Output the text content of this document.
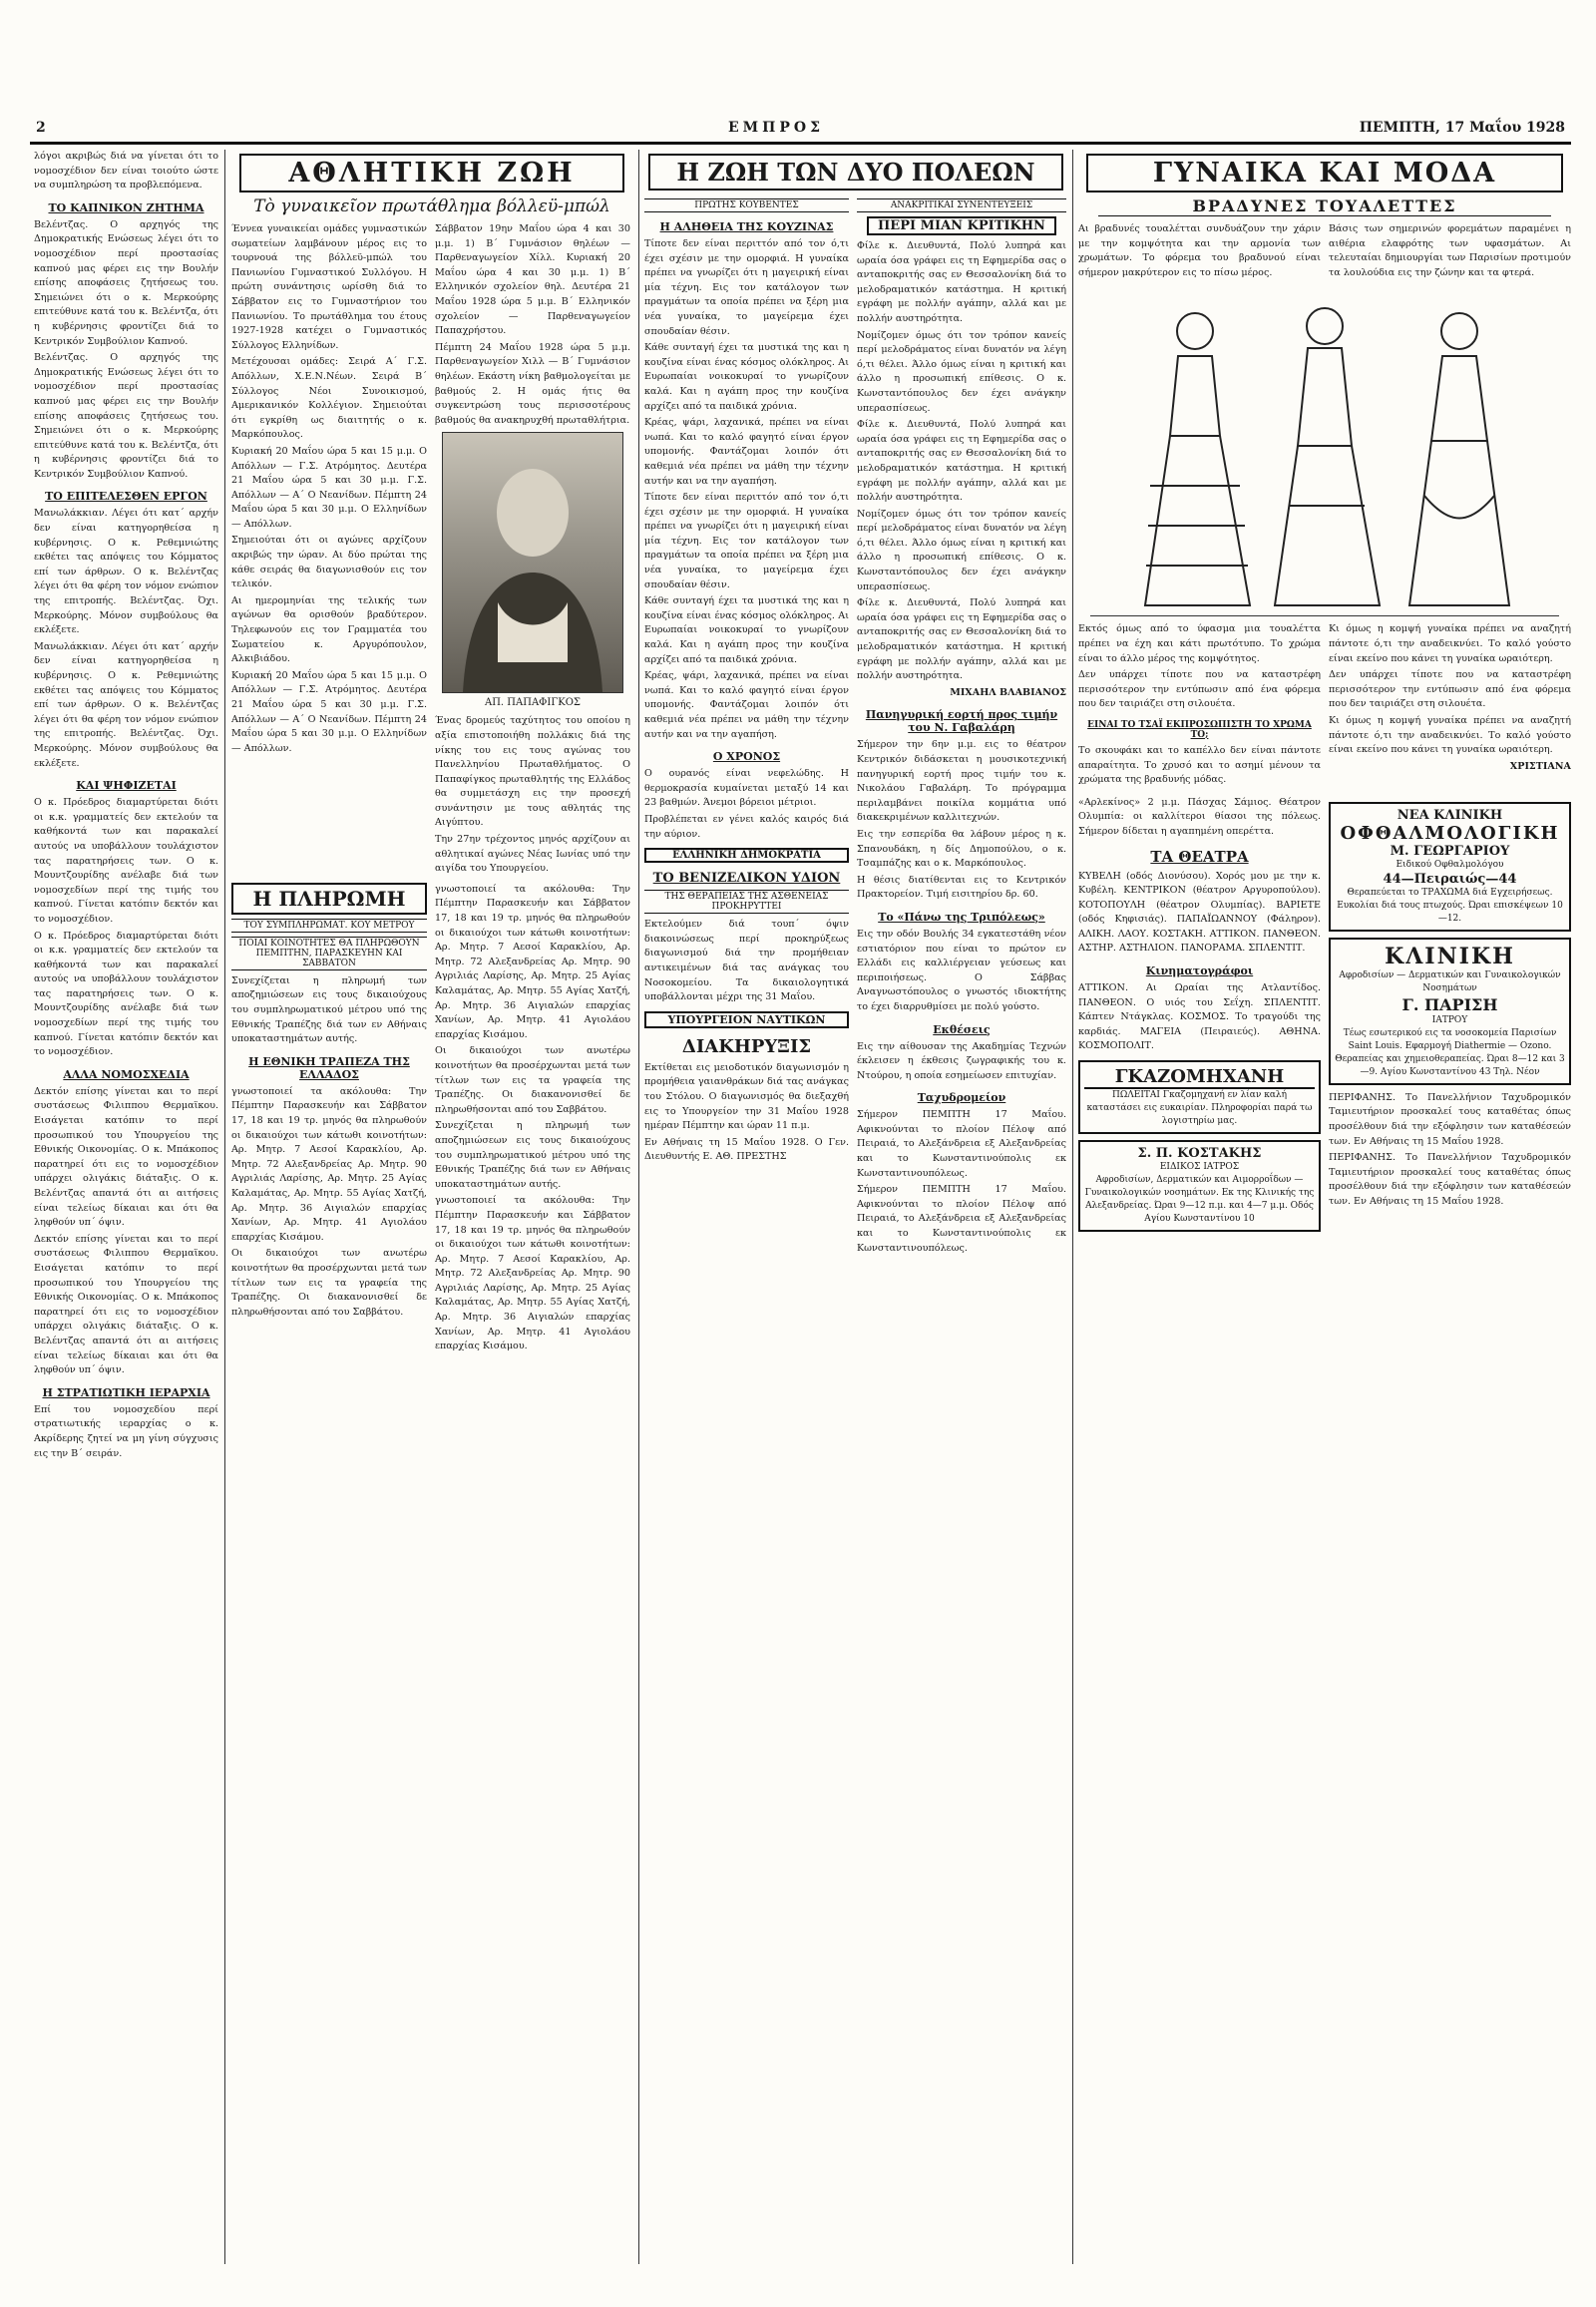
2	ΕΜΠΡΟΣ	ΠΕΜΠΤΗ, 17 Μαΐου 1928

λόγοι ακριβώς διά να γίνεται ότι το νομοσχέδιον δεν είναι τοιούτο ώστε να συμπληρώση τα προβλεπόμενα.

ΤΟ ΚΑΠΝΙΚΟΝ ΖΗΤΗΜΑ

Βελέντζας. Ο αρχηγός της Δημοκρατικής Ενώσεως λέγει ότι το νομοσχέδιον περί προστασίας καπνού μας φέρει εις την Βουλήν επίσης αποφάσεις ζητήσεως του. Σημειώνει ότι ο κ. Μερκούρης επιτεύθυνε κατά του κ. Βελέντζα, ότι η κυβέρνησις φροντίζει διά το Κεντρικόν Συμβούλιον Καπνού.

Βελέντζας. Ο αρχηγός της Δημοκρατικής Ενώσεως λέγει ότι το νομοσχέδιον περί προστασίας καπνού μας φέρει εις την Βουλήν επίσης αποφάσεις ζητήσεως του. Σημειώνει ότι ο κ. Μερκούρης επιτεύθυνε κατά του κ. Βελέντζα, ότι η κυβέρνησις φροντίζει διά το Κεντρικόν Συμβούλιον Καπνού.

ΤΟ ΕΠΙΤΕΛΕΣΘΕΝ ΕΡΓΟΝ

Μανωλάκκιαν. Λέγει ότι κατ΄ αρχήν δεν είναι κατηγορηθείσα η κυβέρνησις. Ο κ. Ρεθεμνιώτης εκθέτει τας απόψεις του Κόμματος επί των άρθρων. Ο κ. Βελέντζας λέγει ότι θα φέρη τον νόμον ενώπιον της επιτροπής. Βελέντζας. Όχι. Μερκούρης. Μόνον συμβούλους θα εκλέξετε.

Μανωλάκκιαν. Λέγει ότι κατ΄ αρχήν δεν είναι κατηγορηθείσα η κυβέρνησις. Ο κ. Ρεθεμνιώτης εκθέτει τας απόψεις του Κόμματος επί των άρθρων. Ο κ. Βελέντζας λέγει ότι θα φέρη τον νόμον ενώπιον της επιτροπής. Βελέντζας. Όχι. Μερκούρης. Μόνον συμβούλους θα εκλέξετε.

ΚΑΙ ΨΗΦΙΖΕΤΑΙ

Ο κ. Πρόεδρος διαμαρτύρεται διότι οι κ.κ. γραμματείς δεν εκτελούν τα καθήκοντά των και παρακαλεί αυτούς να υποβάλλουν τουλάχιστον τας παρατηρήσεις των. Ο κ. Μουντζουρίδης ανέλαβε διά των νομοσχεδίων περί της τιμής του καπνού. Γίνεται κατόπιν δεκτόν και το νομοσχέδιον.

Ο κ. Πρόεδρος διαμαρτύρεται διότι οι κ.κ. γραμματείς δεν εκτελούν τα καθήκοντά των και παρακαλεί αυτούς να υποβάλλουν τουλάχιστον τας παρατηρήσεις των. Ο κ. Μουντζουρίδης ανέλαβε διά των νομοσχεδίων περί της τιμής του καπνού. Γίνεται κατόπιν δεκτόν και το νομοσχέδιον.

ΑΛΛΑ ΝΟΜΟΣΧΕΔΙΑ

Δεκτόν επίσης γίνεται και το περί συστάσεως Φιλιππου Θερμαϊκου. Εισάγεται κατόπιν το περί προσωπικού του Υπουργείου της Εθνικής Οικονομίας. Ο κ. Μπάκοπος παρατηρεί ότι εις το νομοσχέδιον υπάρχει ολιγάκις διάταξις. Ο κ. Βελέντζας απαντά ότι αι αιτήσεις είναι τελείως δίκαιαι και ότι θα ληφθούν υπ΄ όψιν.

Δεκτόν επίσης γίνεται και το περί συστάσεως Φιλιππου Θερμαϊκου. Εισάγεται κατόπιν το περί προσωπικού του Υπουργείου της Εθνικής Οικονομίας. Ο κ. Μπάκοπος παρατηρεί ότι εις το νομοσχέδιον υπάρχει ολιγάκις διάταξις. Ο κ. Βελέντζας απαντά ότι αι αιτήσεις είναι τελείως δίκαιαι και ότι θα ληφθούν υπ΄ όψιν.

Η ΣΤΡΑΤΙΩΤΙΚΗ ΙΕΡΑΡΧΙΑ

Επί του νομοσχεδίου περί στρατιωτικής ιεραρχίας ο κ. Ακρίδερης ζητεί να μη γίνη σύγχυσις εις την Β΄ σειράν.

ΑΘΛΗΤΙΚΗ ΖΩΗ
Τὸ γυναικεῖον πρωτάθλημα βόλλεϋ-μπώλ

Έννεα γυναικείαι ομάδες γυμναστικών σωματείων λαμβάνουν μέρος εις το τουρνουά της βόλλεϋ-μπώλ του Πανιωνίου Γυμναστικού Συλλόγου. Η πρώτη συνάντησις ωρίσθη διά το Σάββατον εις το Γυμναστήριον του Πανιωνίου. Το πρωτάθλημα του έτους 1927-1928 κατέχει ο Γυμναστικός Σύλλογος Ελληνίδων.

Μετέχουσαι ομάδες: Σειρά Α΄ Γ.Σ. Απόλλων, Χ.Ε.Ν.Νέων. Σειρά Β΄ Σύλλογος Νέοι Συνοικισμού, Αμερικανικόν Κολλέγιον. Σημειούται ότι εγκρίθη ως διαιτητής ο κ. Μαρκόπουλος.

Κυριακή 20 Μαΐου ώρα 5 και 15 μ.μ. Ο Απόλλων — Γ.Σ. Ατρόμητος. Δευτέρα 21 Μαΐου ώρα 5 και 30 μ.μ. Γ.Σ. Απόλλων — Α΄ Ο Νεανίδων. Πέμπτη 24 Μαΐου ώρα 5 και 30 μ.μ. Ο Ελληνίδων — Απόλλων.

Σημειούται ότι οι αγώνες αρχίζουν ακριβώς την ώραν. Αι δύο πρώται της κάθε σειράς θα διαγωνισθούν εις τον τελικόν.

Αι ημερομηνίαι της τελικής των αγώνων θα ορισθούν βραδύτερον. Τηλεφωνούν εις τον Γραμματέα του Σωματείου κ. Αργυρόπουλον, Αλκιβιάδου.

Κυριακή 20 Μαΐου ώρα 5 και 15 μ.μ. Ο Απόλλων — Γ.Σ. Ατρόμητος. Δευτέρα 21 Μαΐου ώρα 5 και 30 μ.μ. Γ.Σ. Απόλλων — Α΄ Ο Νεανίδων. Πέμπτη 24 Μαΐου ώρα 5 και 30 μ.μ. Ο Ελληνίδων — Απόλλων.

Σάββατον 19ην Μαΐου ώρα 4 και 30 μ.μ. 1) Β΄ Γυμνάσιον θηλέων — Παρθεναγωγείον Χίλλ. Κυριακή 20 Μαΐου ώρα 4 και 30 μ.μ. 1) Β΄ Ελληνικόν σχολείον θηλ. Δευτέρα 21 Μαΐου 1928 ώρα 5 μ.μ. Β΄ Ελληνικόν σχολείον — Παρθεναγωγείον Παπαχρήστου.

Πέμπτη 24 Μαΐου 1928 ώρα 5 μ.μ. Παρθεναγωγείον Χιλλ — Β΄ Γυμνάσιον θηλέων. Εκάστη νίκη βαθμολογείται με βαθμούς 2. Η ομάς ήτις θα συγκεντρώση τους περισσοτέρους βαθμούς θα ανακηρυχθή πρωταθλήτρια.

ΑΠ. ΠΑΠΑΦΙΓΚΟΣ

Ένας δρομεύς ταχύτητος του οποίου η αξία επιστοποιήθη πολλάκις διά της νίκης του εις τους αγώνας του Πανελληνίου Πρωταθλήματος. Ο Παπαφίγκος πρωταθλητής της Ελλάδος θα συμμετάσχη εις την προσεχή συνάντησιν με τους αθλητάς της Αιγύπτου.

Την 27ην τρέχοντος μηνός αρχίζουν αι αθλητικαί αγώνες Νέας Ιωνίας υπό την αιγίδα του Υπουργείου.

Η ΠΛΗΡΩΜΗ
ΤΟΥ ΣΥΜΠΛΗΡΩΜΑΤ. ΚΟΥ ΜΕΤΡΟΥ
ΠΟΙΑΙ ΚΟΙΝΟΤΗΤΕΣ ΘΑ ΠΛΗΡΩΘΟΥΝ ΠΕΜΠΤΗΝ, ΠΑΡΑΣΚΕΥΗΝ ΚΑΙ ΣΑΒΒΑΤΟΝ

Συνεχίζεται η πληρωμή των αποζημιώσεων εις τους δικαιούχους του συμπληρωματικού μέτρου υπό της Εθνικής Τραπέζης διά των εν Αθήναις υποκαταστημάτων αυτής.

Η ΕΘΝΙΚΗ ΤΡΑΠΕΖΑ ΤΗΣ ΕΛΛΑΔΟΣ

γνωστοποιεί τα ακόλουθα: Την Πέμπτην Παρασκευήν και Σάββατον 17, 18 και 19 τρ. μηνός θα πληρωθούν οι δικαιούχοι των κάτωθι κοινοτήτων: Αρ. Μητρ. 7 Αεσοί Καρακλίου, Αρ. Μητρ. 72 Αλεξανδρείας Αρ. Μητρ. 90 Αγριλιάς Λαρίσης, Αρ. Μητρ. 25 Αγίας Καλαμάτας, Αρ. Μητρ. 55 Αγίας Χατζή, Αρ. Μητρ. 36 Αιγιαλών επαρχίας Χανίων, Αρ. Μητρ. 41 Αγιολάου επαρχίας Κισάμου.

Οι δικαιούχοι των ανωτέρω κοινοτήτων θα προσέρχωνται μετά των τίτλων των εις τα γραφεία της Τραπέζης. Οι διακανονισθεί δε πληρωθήσονται από του Σαββάτου.

γνωστοποιεί τα ακόλουθα: Την Πέμπτην Παρασκευήν και Σάββατον 17, 18 και 19 τρ. μηνός θα πληρωθούν οι δικαιούχοι των κάτωθι κοινοτήτων: Αρ. Μητρ. 7 Αεσοί Καρακλίου, Αρ. Μητρ. 72 Αλεξανδρείας Αρ. Μητρ. 90 Αγριλιάς Λαρίσης, Αρ. Μητρ. 25 Αγίας Καλαμάτας, Αρ. Μητρ. 55 Αγίας Χατζή, Αρ. Μητρ. 36 Αιγιαλών επαρχίας Χανίων, Αρ. Μητρ. 41 Αγιολάου επαρχίας Κισάμου.

Οι δικαιούχοι των ανωτέρω κοινοτήτων θα προσέρχωνται μετά των τίτλων των εις τα γραφεία της Τραπέζης. Οι διακανονισθεί δε πληρωθήσονται από του Σαββάτου.

Συνεχίζεται η πληρωμή των αποζημιώσεων εις τους δικαιούχους του συμπληρωματικού μέτρου υπό της Εθνικής Τραπέζης διά των εν Αθήναις υποκαταστημάτων αυτής.

γνωστοποιεί τα ακόλουθα: Την Πέμπτην Παρασκευήν και Σάββατον 17, 18 και 19 τρ. μηνός θα πληρωθούν οι δικαιούχοι των κάτωθι κοινοτήτων: Αρ. Μητρ. 7 Αεσοί Καρακλίου, Αρ. Μητρ. 72 Αλεξανδρείας Αρ. Μητρ. 90 Αγριλιάς Λαρίσης, Αρ. Μητρ. 25 Αγίας Καλαμάτας, Αρ. Μητρ. 55 Αγίας Χατζή, Αρ. Μητρ. 36 Αιγιαλών επαρχίας Χανίων, Αρ. Μητρ. 41 Αγιολάου επαρχίας Κισάμου.

Η ΖΩΗ ΤΩΝ ΔΥΟ ΠΟΛΕΩΝ
ΠΡΩΤΗΣ ΚΟΥΒΕΝΤΕΣ
Η ΑΛΗΘΕΙΑ ΤΗΣ ΚΟΥΖΙΝΑΣ

Τίποτε δεν είναι περιττόν από τον ό,τι έχει σχέσιν με την ομορφιά. Η γυναίκα πρέπει να γνωρίζει ότι η μαγειρική είναι μία τέχνη. Εις τον κατάλογον των πραγμάτων τα οποία πρέπει να ξέρη μια νέα γυναίκα, το μαγείρεμα έχει σπουδαίαν θέσιν.

Κάθε συνταγή έχει τα μυστικά της και η κουζίνα είναι ένας κόσμος ολόκληρος. Αι Ευρωπαίαι νοικοκυραί το γνωρίζουν καλά. Και η αγάπη προς την κουζίνα αρχίζει από τα παιδικά χρόνια.

Κρέας, ψάρι, λαχανικά, πρέπει να είναι νωπά. Και το καλό φαγητό είναι έργον υπομονής. Φαντάζομαι λοιπόν ότι καθεμιά νέα πρέπει να μάθη την τέχνην αυτήν και να την αγαπήση.

Τίποτε δεν είναι περιττόν από τον ό,τι έχει σχέσιν με την ομορφιά. Η γυναίκα πρέπει να γνωρίζει ότι η μαγειρική είναι μία τέχνη. Εις τον κατάλογον των πραγμάτων τα οποία πρέπει να ξέρη μια νέα γυναίκα, το μαγείρεμα έχει σπουδαίαν θέσιν.

Κάθε συνταγή έχει τα μυστικά της και η κουζίνα είναι ένας κόσμος ολόκληρος. Αι Ευρωπαίαι νοικοκυραί το γνωρίζουν καλά. Και η αγάπη προς την κουζίνα αρχίζει από τα παιδικά χρόνια.

Κρέας, ψάρι, λαχανικά, πρέπει να είναι νωπά. Και το καλό φαγητό είναι έργον υπομονής. Φαντάζομαι λοιπόν ότι καθεμιά νέα πρέπει να μάθη την τέχνην αυτήν και να την αγαπήση.

Ο ΧΡΟΝΟΣ

Ο ουρανός είναι νεφελώδης. Η θερμοκρασία κυμαίνεται μεταξύ 14 και 23 βαθμών. Άνεμοι βόρειοι μέτριοι.

Προβλέπεται εν γένει καλός καιρός διά την αύριον.

ΕΛΛΗΝΙΚΗ ΔΗΜΟΚΡΑΤΙΑ
ΤΟ ΒΕΝΙΖΕΛΙΚΟΝ ΥΔΙΟΝ
ΤΗΣ ΘΕΡΑΠΕΙΑΣ ΤΗΣ ΑΣΘΕΝΕΙΑΣ ΠΡΟΚΗΡΥΤΤΕΙ

Εκτελούμεν διά τουπ΄ όψιν διακοινώσεως περί προκηρύξεως διαγωνισμού διά την προμήθειαν αντικειμένων διά τας ανάγκας του Νοσοκομείου. Τα δικαιολογητικά υποβάλλονται μέχρι της 31 Μαΐου.

ΥΠΟΥΡΓΕΙΟΝ ΝΑΥΤΙΚΩΝ
ΔΙΑΚΗΡΥΞΙΣ

Εκτίθεται εις μειοδοτικόν διαγωνισμόν η προμήθεια γαιανθράκων διά τας ανάγκας του Στόλου. Ο διαγωνισμός θα διεξαχθή εις το Υπουργείον την 31 Μαΐου 1928 ημέραν Πέμπτην και ώραν 11 π.μ.

Εν Αθήναις τη 15 Μαΐου 1928. Ο Γεν. Διευθυντής Ε. ΑΘ. ΠΡΕΣΤΗΣ

ΑΝΑΚΡΙΤΙΚΑΙ ΣΥΝΕΝΤΕΥΞΕΙΣ
ΠΕΡΙ ΜΙΑΝ ΚΡΙΤΙΚΗΝ

Φίλε κ. Διευθυντά, Πολύ λυπηρά και ωραία όσα γράφει εις τη Εφημερίδα σας ο ανταποκριτής σας εν Θεσσαλονίκη διά το μελοδραματικόν κατάστημα. Η κριτική εγράφη με πολλήν αγάπην, αλλά και με πολλήν αυστηρότητα.

Νομίζομεν όμως ότι τον τρόπον κανείς περί μελοδράματος είναι δυνατόν να λέγη ό,τι θέλει. Άλλο όμως είναι η κριτική και άλλο η προσωπική επίθεσις. Ο κ. Κωνσταντόπουλος δεν έχει ανάγκην υπερασπίσεως.

Φίλε κ. Διευθυντά, Πολύ λυπηρά και ωραία όσα γράφει εις τη Εφημερίδα σας ο ανταποκριτής σας εν Θεσσαλονίκη διά το μελοδραματικόν κατάστημα. Η κριτική εγράφη με πολλήν αγάπην, αλλά και με πολλήν αυστηρότητα.

Νομίζομεν όμως ότι τον τρόπον κανείς περί μελοδράματος είναι δυνατόν να λέγη ό,τι θέλει. Άλλο όμως είναι η κριτική και άλλο η προσωπική επίθεσις. Ο κ. Κωνσταντόπουλος δεν έχει ανάγκην υπερασπίσεως.

Φίλε κ. Διευθυντά, Πολύ λυπηρά και ωραία όσα γράφει εις τη Εφημερίδα σας ο ανταποκριτής σας εν Θεσσαλονίκη διά το μελοδραματικόν κατάστημα. Η κριτική εγράφη με πολλήν αγάπην, αλλά και με πολλήν αυστηρότητα.

ΜΙΧΑΗΛ ΒΛΑΒΙΑΝΟΣ

Πανηγυρική εορτή προς τιμήν του Ν. Γαβαλάρη

Σήμερον την 6ην μ.μ. εις το θέατρον Κεντρικόν διδάσκεται η μουσικοτεχνική πανηγυρική εορτή προς τιμήν του κ. Νικολάου Γαβαλάρη. Το πρόγραμμα περιλαμβάνει ποικίλα κομμάτια υπό διακεκριμένων καλλιτεχνών.

Εις την εσπερίδα θα λάβουν μέρος η κ. Σπανουδάκη, η δίς Δημοπούλου, ο κ. Τσαμπάζης και ο κ. Μαρκόπουλος.

Η θέσις διατίθενται εις το Κεντρικόν Πρακτορείον. Τιμή εισιτηρίου δρ. 60.

Το «Πάνω της Τριπόλεως»

Εις την οδόν Βουλής 34 εγκατεστάθη νέον εστιατόριον που είναι το πρώτον εν Ελλάδι εις καλλιέργειαν γεύσεως και περιποιήσεως. Ο Σάββας Αναγνωστόπουλος ο γνωστός ιδιοκτήτης το έχει διαρρυθμίσει με πολύ γούστο.

Εκθέσεις

Εις την αίθουσαν της Ακαδημίας Τεχνών έκλεισεν η έκθεσις ζωγραφικής του κ. Ντούρου, η οποία εσημείωσεν επιτυχίαν.

Ταχυδρομείον

Σήμερον ΠΕΜΠΤΗ 17 Μαΐου. Αφικνούνται το πλοίον Πέλοψ από Πειραιά, το Αλεξάνδρεια εξ Αλεξανδρείας και το Κωνσταντινούπολις εκ Κωνσταντινουπόλεως.

Σήμερον ΠΕΜΠΤΗ 17 Μαΐου. Αφικνούνται το πλοίον Πέλοψ από Πειραιά, το Αλεξάνδρεια εξ Αλεξανδρείας και το Κωνσταντινούπολις εκ Κωνσταντινουπόλεως.

ΓΥΝΑΙΚΑ ΚΑΙ ΜΟΔΑ
ΒΡΑΔΥΝΕΣ ΤΟΥΑΛΕΤΤΕΣ

Αι βραδυνές τουαλέτται συνδυάζουν την χάριν με την κομψότητα και την αρμονία των χρωμάτων. Το φόρεμα του βραδυνού είναι σήμερον μακρύτερον εις το πίσω μέρος.

Βάσις των σημερινών φορεμάτων παραμένει η αιθέρια ελαφρότης των υφασμάτων. Αι τελευταίαι δημιουργίαι των Παρισίων προτιμούν τα λουλούδια εις την ζώνην και τα φτερά.

Εκτός όμως από το ύφασμα μια τουαλέττα πρέπει να έχη και κάτι πρωτότυπο. Το χρώμα είναι το άλλο μέρος της κομψότητος.

Δεν υπάρχει τίποτε που να καταστρέφη περισσότερον την εντύπωσιν από ένα φόρεμα που δεν ταιριάζει στη σιλουέτα.

ΕΙΝΑΙ ΤΟ ΤΣΑΪ ΕΚΠΡΟΣΩΠΙΣΤΗ ΤΟ ΧΡΩΜΑ ΤΟ;

Το σκουφάκι και το καπέλλο δεν είναι πάντοτε απαραίτητα. Το χρυσό και το ασημί μένουν τα χρώματα της βραδυνής μόδας.

Κι όμως η κομψή γυναίκα πρέπει να αναζητή πάντοτε ό,τι την αναδεικνύει. Το καλό γούστο είναι εκείνο που κάνει τη γυναίκα ωραιότερη.

Δεν υπάρχει τίποτε που να καταστρέφη περισσότερον την εντύπωσιν από ένα φόρεμα που δεν ταιριάζει στη σιλουέτα.

Κι όμως η κομψή γυναίκα πρέπει να αναζητή πάντοτε ό,τι την αναδεικνύει. Το καλό γούστο είναι εκείνο που κάνει τη γυναίκα ωραιότερη.

ΧΡΙΣΤΙΑΝΑ

«Αρλεκίνος» 2 μ.μ. Πάσχας Σάμιος. Θέατρον Ολυμπία: οι καλλίτεροι θίασοι της πόλεως. Σήμερον δίδεται η αγαπημένη οπερέττα.

ΤΑ ΘΕΑΤΡΑ

ΚΥΒΕΛΗ (οδός Διονύσου). Χορός μου με την κ. Κυβέλη. ΚΕΝΤΡΙΚΟΝ (θέατρον Αργυροπούλου). ΚΟΤΟΠΟΥΛΗ (θέατρον Ολυμπίας). ΒΑΡΙΕΤΕ (οδός Κηφισιάς). ΠΑΠΑΪΩΑΝΝΟΥ (Φάληρον). ΑΛΙΚΗ. ΛΑΟΥ. ΚΟΣΤΑΚΗ. ΑΤΤΙΚΟΝ. ΠΑΝΘΕΟΝ. ΑΣΤΗΡ. ΑΣΤΗΛΙΟΝ. ΠΑΝΟΡΑΜΑ. ΣΠΛΕΝΤΙΤ.

Κινηματογράφοι

ΑΤΤΙΚΟΝ. Αι Ωραίαι της Ατλαντίδος. ΠΑΝΘΕΟΝ. Ο υιός του Σεΐχη. ΣΠΛΕΝΤΙΤ. Κάπτεν Ντάγκλας. ΚΟΣΜΟΣ. Το τραγούδι της καρδιάς. ΜΑΓΕΙΑ (Πειραιεύς). ΑΘΗΝΑ. ΚΟΣΜΟΠΟΛΙΤ.

ΓΚΑΖΟΜΗΧΑΝΗ
ΠΩΛΕΙΤΑΙ Γκαζομηχανή εν λίαν καλή καταστάσει εις ευκαιρίαν. Πληροφορίαι παρά τω λογιστηρίω μας.
Σ. Π. ΚΟΣΤΑΚΗΣ
ΕΙΔΙΚΟΣ ΙΑΤΡΟΣ
Αφροδισίων, Δερματικών και Αιμορροΐδων — Γυναικολογικών νοσημάτων. Εκ της Κλινικής της Αλεξανδρείας. Ώραι 9—12 π.μ. και 4—7 μ.μ. Οδός Αγίου Κωνσταντίνου 10
ΝΕΑ ΚΛΙΝΙΚΗ
ΟΦΘΑΛΜΟΛΟΓΙΚΗ
Μ. ΓΕΩΡΓΑΡΙΟΥ
Ειδικού Οφθαλμολόγου
44—Πειραιώς—44
Θεραπεύεται το ΤΡΑΧΩΜΑ διά Εγχειρήσεως. Ευκολίαι διά τους πτωχούς. Ώραι επισκέψεων 10—12.
ΚΛΙΝΙΚΗ
Αφροδισίων — Δερματικών και Γυναικολογικών Νοσημάτων
Γ. ΠΑΡΙΣΗ
ΙΑΤΡΟΥ
Τέως εσωτερικού εις τα νοσοκομεία Παρισίων Saint Louis. Εφαρμογή Diathermie — Ozono. Θεραπείας και χημειοθεραπείας. Ώραι 8—12 και 3—9. Αγίου Κωνσταντίνου 43 Τηλ. Νέον

ΠΕΡΙΦΑΝΗΣ. Το Πανελλήνιον Ταχυδρομικόν Ταμιευτήριον προσκαλεί τους καταθέτας όπως προσέλθουν διά την εξόφλησιν των καταθέσεών των. Εν Αθήναις τη 15 Μαΐου 1928.

ΠΕΡΙΦΑΝΗΣ. Το Πανελλήνιον Ταχυδρομικόν Ταμιευτήριον προσκαλεί τους καταθέτας όπως προσέλθουν διά την εξόφλησιν των καταθέσεών των. Εν Αθήναις τη 15 Μαΐου 1928.
